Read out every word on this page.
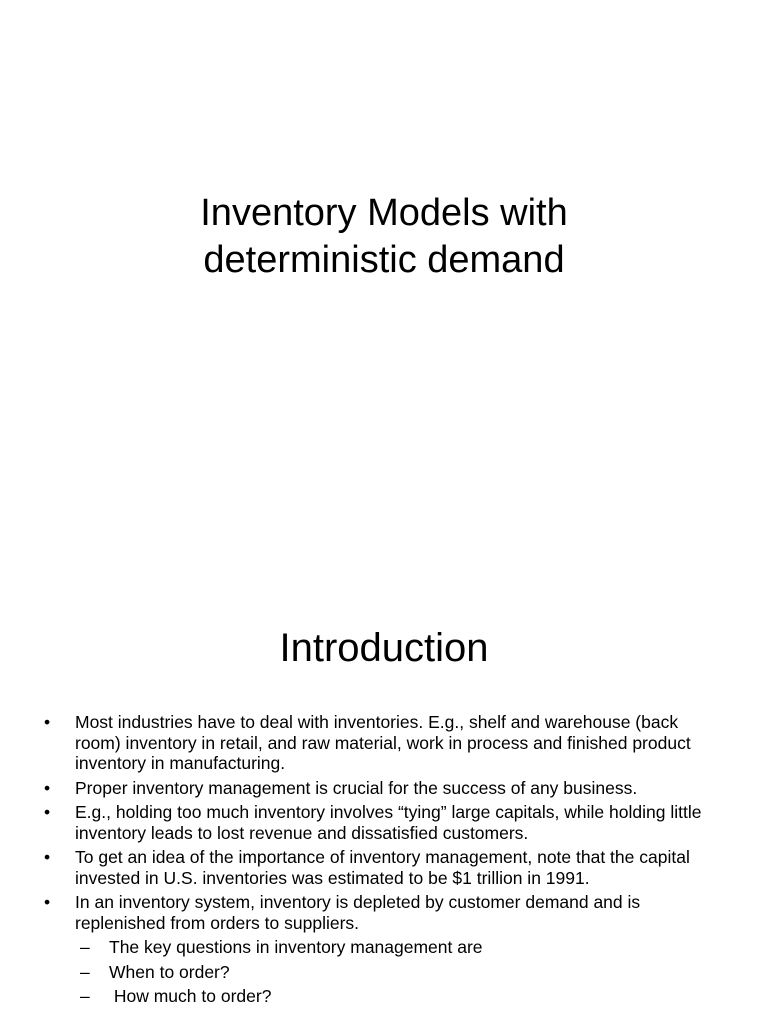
Inventory Models with
deterministic demand
Introduction
• Most industries have to deal with inventories. E.g., shelf and warehouse (back room) inventory in retail, and raw material, work in process and finished product inventory in manufacturing.
• Proper inventory management is crucial for the success of any business.
• E.g., holding too much inventory involves “tying” large capitals, while holding little inventory leads to lost revenue and dissatisfied customers.
• To get an idea of the importance of inventory management, note that the capital invested in U.S. inventories was estimated to be $1 trillion in 1991.
• In an inventory system, inventory is depleted by customer demand and is replenished from orders to suppliers.
– The key questions in inventory management are
– When to order?
– How much to order?
